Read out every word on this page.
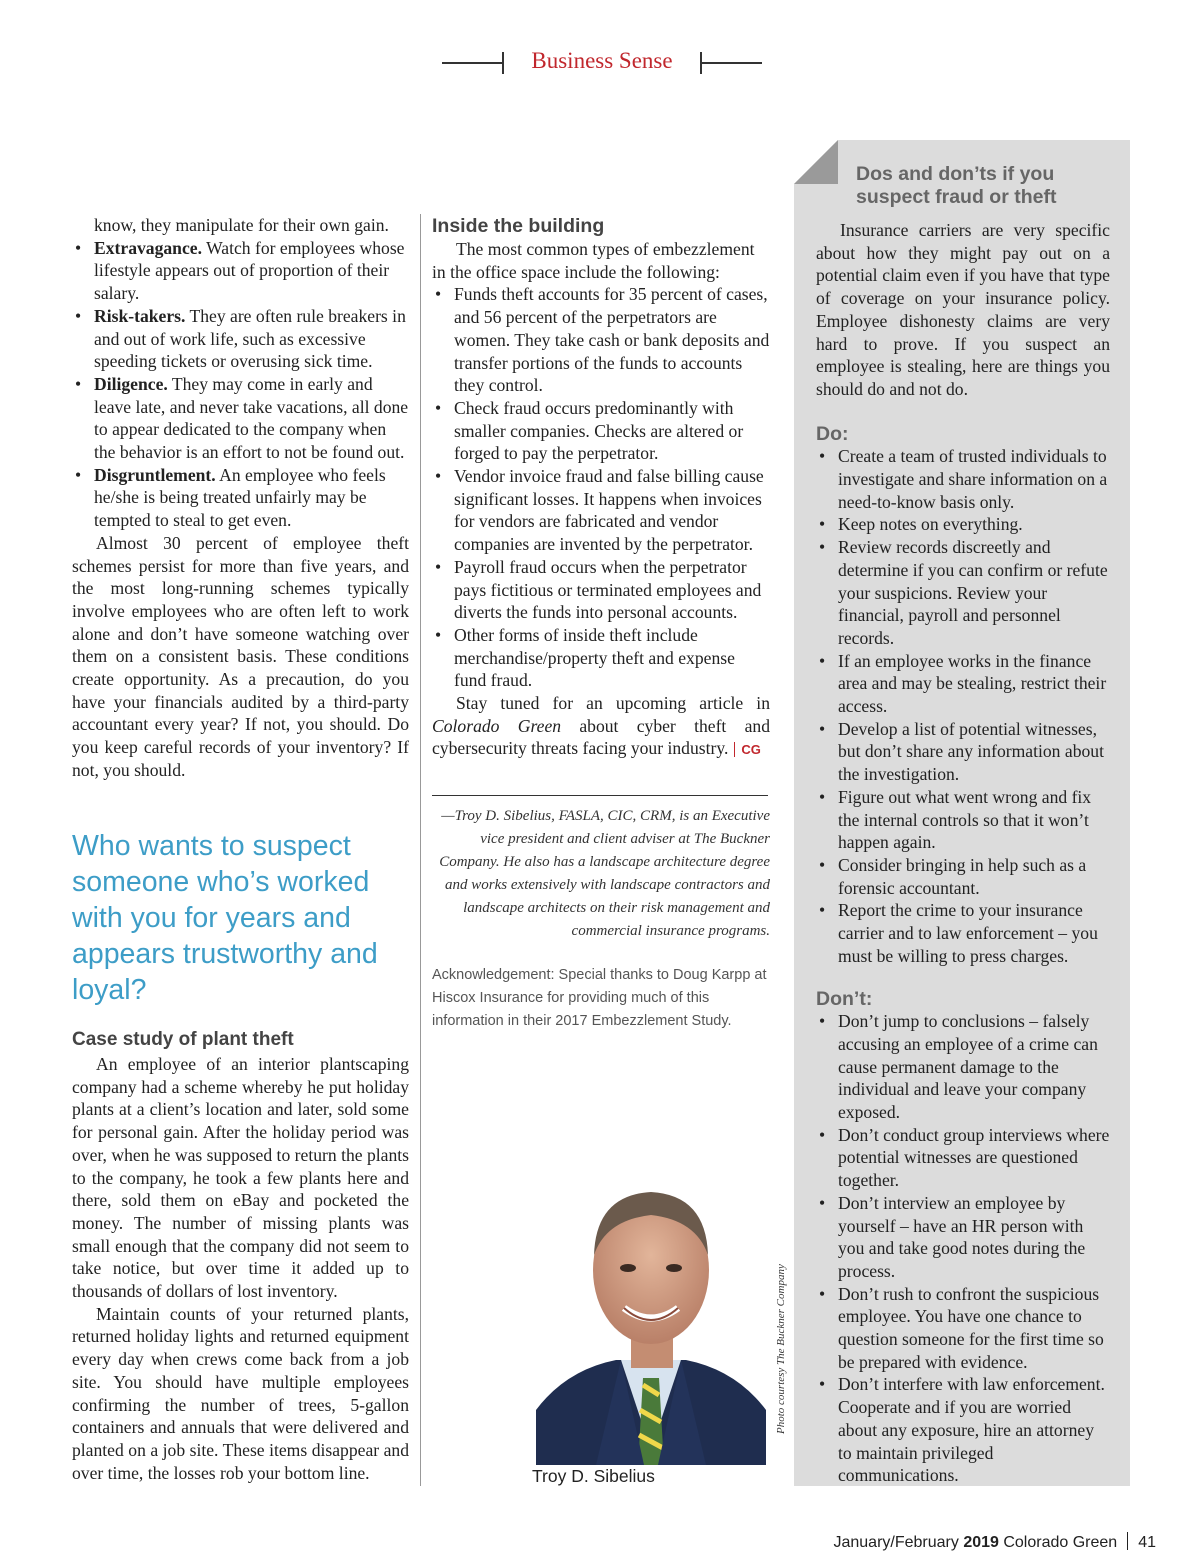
Business Sense

know, they manipulate for their own gain.

• Extravagance. Watch for employees whose lifestyle appears out of proportion of their salary.
• Risk-takers. They are often rule breakers in and out of work life, such as excessive speeding tickets or overusing sick time.
• Diligence. They may come in early and leave late, and never take vacations, all done to appear dedicated to the company when the behavior is an effort to not be found out.
• Disgruntlement. An employee who feels he/she is being treated unfairly may be tempted to steal to get even.

Almost 30 percent of employee theft schemes persist for more than five years, and the most long-running schemes typically involve employees who are often left to work alone and don’t have someone watching over them on a consistent basis. These conditions create opportunity. As a precaution, do you have your financials audited by a third-party accountant every year? If not, you should. Do you keep careful records of your inventory? If not, you should.

Who wants to suspect someone who’s worked with you for years and appears trustworthy and loyal?
Case study of plant theft

An employee of an interior plantscaping company had a scheme whereby he put holiday plants at a client’s location and later, sold some for personal gain. After the holiday period was over, when he was supposed to return the plants to the company, he took a few plants here and there, sold them on eBay and pocketed the money. The number of missing plants was small enough that the company did not seem to take notice, but over time it added up to thousands of dollars of lost inventory.

Maintain counts of your returned plants, returned holiday lights and returned equipment every day when crews come back from a job site. You should have multiple employees confirming the number of trees, 5-gallon containers and annuals that were delivered and planted on a job site. These items disappear and over time, the losses rob your bottom line.

Inside the building

The most common types of embezzlement in the office space include the following:

• Funds theft accounts for 35 percent of cases, and 56 percent of the perpetrators are women. They take cash or bank deposits and transfer portions of the funds to accounts they control.
• Check fraud occurs predominantly with smaller companies. Checks are altered or forged to pay the perpetrator.
• Vendor invoice fraud and false billing cause significant losses. It happens when invoices for vendors are fabricated and vendor companies are invented by the perpetrator.
• Payroll fraud occurs when the perpetrator pays fictitious or terminated employees and diverts the funds into personal accounts.
• Other forms of inside theft include merchandise/property theft and expense fund fraud.

Stay tuned for an upcoming article in Colorado Green about cyber theft and cybersecurity threats facing your industry. CG

—Troy D. Sibelius, FASLA, CIC, CRM, is an Executive vice president and client adviser at The Buckner Company. He also has a landscape architecture degree and works extensively with landscape contractors and landscape architects on their risk management and commercial insurance programs.
Acknowledgement: Special thanks to Doug Karpp at Hiscox Insurance for providing much of this information in their 2017 Embezzlement Study.
Troy D. Sibelius
Photo courtesy The Buckner Company
Dos and don’ts if you suspect fraud or theft

Insurance carriers are very specific about how they might pay out on a potential claim even if you have that type of coverage on your insurance policy. Employee dishonesty claims are very hard to prove. If you suspect an employee is stealing, here are things you should do and not do.

Do:

• Create a team of trusted individuals to investigate and share information on a need-to-know basis only.
• Keep notes on everything.
• Review records discreetly and determine if you can confirm or refute your suspicions. Review your financial, payroll and personnel records.
• If an employee works in the finance area and may be stealing, restrict their access.
• Develop a list of potential witnesses, but don’t share any information about the investigation.
• Figure out what went wrong and fix the internal controls so that it won’t happen again.
• Consider bringing in help such as a forensic accountant.
• Report the crime to your insurance carrier and to law enforcement – you must be willing to press charges.

Don’t:

• Don’t jump to conclusions – falsely accusing an employee of a crime can cause permanent damage to the individual and leave your company exposed.
• Don’t conduct group interviews where potential witnesses are questioned together.
• Don’t interview an employee by yourself – have an HR person with you and take good notes during the process.
• Don’t rush to confront the suspicious employee. You have one chance to question someone for the first time so be prepared with evidence.
• Don’t interfere with law enforcement. Cooperate and if you are worried about any exposure, hire an attorney to maintain privileged communications.
January/February 2019 Colorado Green 41
